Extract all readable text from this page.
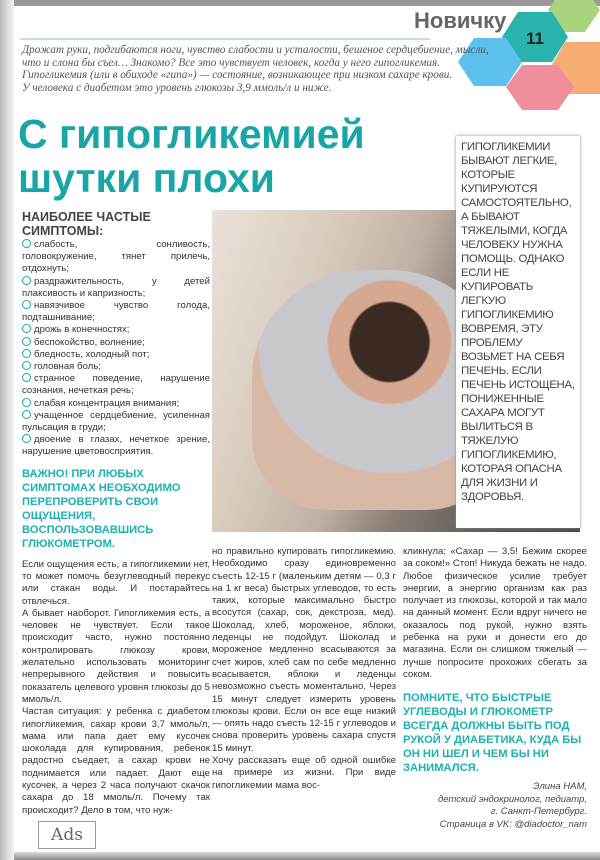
Новичку
11

Дрожат руки, подгибаются ноги, чувство слабости и усталости, бешеное сердцебиение, мысли, что и слона бы съел… Знакомо? Все это чувствует человек, когда у него гипогликемия. Гипогликемия (или в обиходе «гипа») — состояние, возникающее при низком сахаре крови.

У человека с диабетом это уровень глюкозы 3,9 ммоль/л и ниже.

С гипогликемией
шутки плохи
НАИБОЛЕЕ ЧАСТЫЕ СИМПТОМЫ:
слабость, сонливость, головокружение, тянет прилечь, отдохнуть;
раздражительность, у детей плаксивость и капризность;
навязчивое чувство голода, подташнивание;
дрожь в конечностях;
беспокойство, волнение;
бледность, холодный пот;
головная боль;
странное поведение, нарушение сознания, нечеткая речь;
слабая концентрация внимания;
учащенное сердцебиение, усиленная пульсация в груди;
двоение в глазах, нечеткое зрение, нарушение цветовосприятия.
ВАЖНО! ПРИ ЛЮБЫХ СИМПТОМАХ НЕОБХОДИМО ПЕРЕПРОВЕРИТЬ СВОИ ОЩУЩЕНИЯ, ВОСПОЛЬЗОВАВШИСЬ ГЛЮКОМЕТРОМ.

Если ощущения есть, а гипогликемии нет, то может помочь безуглеводный перекус или стакан воды. И постарайтесь отвлечься.

А бывает наоборот. Гипогликемия есть, а человек не чувствует. Если такое происходит часто, нужно постоянно контролировать глюкозу крови, желательно использовать мониторинг непрерывного действия и повысить показатель целевого уровня глюкозы до 5 ммоль/л.

Частая ситуация: у ребенка с диабетом гипогликемия, сахар крови 3,7 ммоль/л, мама или папа дает ему кусочек шоколада для купирования, ребенок радостно съедает, а сахар крови не поднимается или падает. Дают еще кусочек, а через 2 часа получают скачок сахара до 18 ммоль/л. Почему так происходит? Дело в том, что нуж-

Ads
ГИПОГЛИКЕМИИ БЫВАЮТ ЛЕГКИЕ, КОТОРЫЕ КУПИРУЮТСЯ САМОСТОЯТЕЛЬНО, А БЫВАЮТ ТЯЖЕЛЫМИ, КОГДА ЧЕЛОВЕКУ НУЖНА ПОМОЩЬ. ОДНАКО ЕСЛИ НЕ КУПИРОВАТЬ ЛЕГКУЮ ГИПОГЛИКЕМИЮ ВОВРЕМЯ, ЭТУ ПРОБЛЕМУ ВОЗЬМЕТ НА СЕБЯ ПЕЧЕНЬ. ЕСЛИ ПЕЧЕНЬ ИСТОЩЕНА, ПОНИЖЕННЫЕ САХАРА МОГУТ ВЫЛИТЬСЯ В ТЯЖЕЛУЮ ГИПОГЛИКЕМИЮ, КОТОРАЯ ОПАСНА ДЛЯ ЖИЗНИ И ЗДОРОВЬЯ.

но правильно купировать гипогликемию. Необходимо сразу единовременно съесть 12-15 г (маленьким детям — 0,3 г на 1 кг веса) быстрых углеводов, то есть таких, которые максимально быстро всосутся (сахар, сок, декстроза, мед). Шоколад, хлеб, мороженое, яблоки, леденцы не подойдут. Шоколад и мороженое медленно всасываются за счет жиров, хлеб сам по себе медленно всасывается, яблоки и леденцы невозможно съесть моментально. Через 15 минут следует измерить уровень глюкозы крови. Если он все еще низкий — опять надо съесть 12-15 г углеводов и снова проверить уровень сахара спустя 15 минут.

Хочу рассказать еще об одной ошибке на примере из жизни. При виде гипогликемии мама вос-

кликнула: «Сахар — 3,5! Бежим скорее за соком!» Стоп! Никуда бежать не надо. Любое физическое усилие требует энергии, а энергию организм как раз получает из глюкозы, которой и так мало на данный момент. Если вдруг ничего не оказалось под рукой, нужно взять ребенка на руки и донести его до магазина. Если он слишком тяжелый — лучше попросите прохожих сбегать за соком.

ПОМНИТЕ, ЧТО БЫСТРЫЕ УГЛЕВОДЫ И ГЛЮКОМЕТР ВСЕГДА ДОЛЖНЫ БЫТЬ ПОД РУКОЙ У ДИАБЕТИКА, КУДА БЫ ОН НИ ШЕЛ И ЧЕМ БЫ НИ ЗАНИМАЛСЯ.
Элина НАМ,
детский эндокринолог, педиатр,
г. Санкт-Петербург.
Страница в VK: @diadoctor_nam
